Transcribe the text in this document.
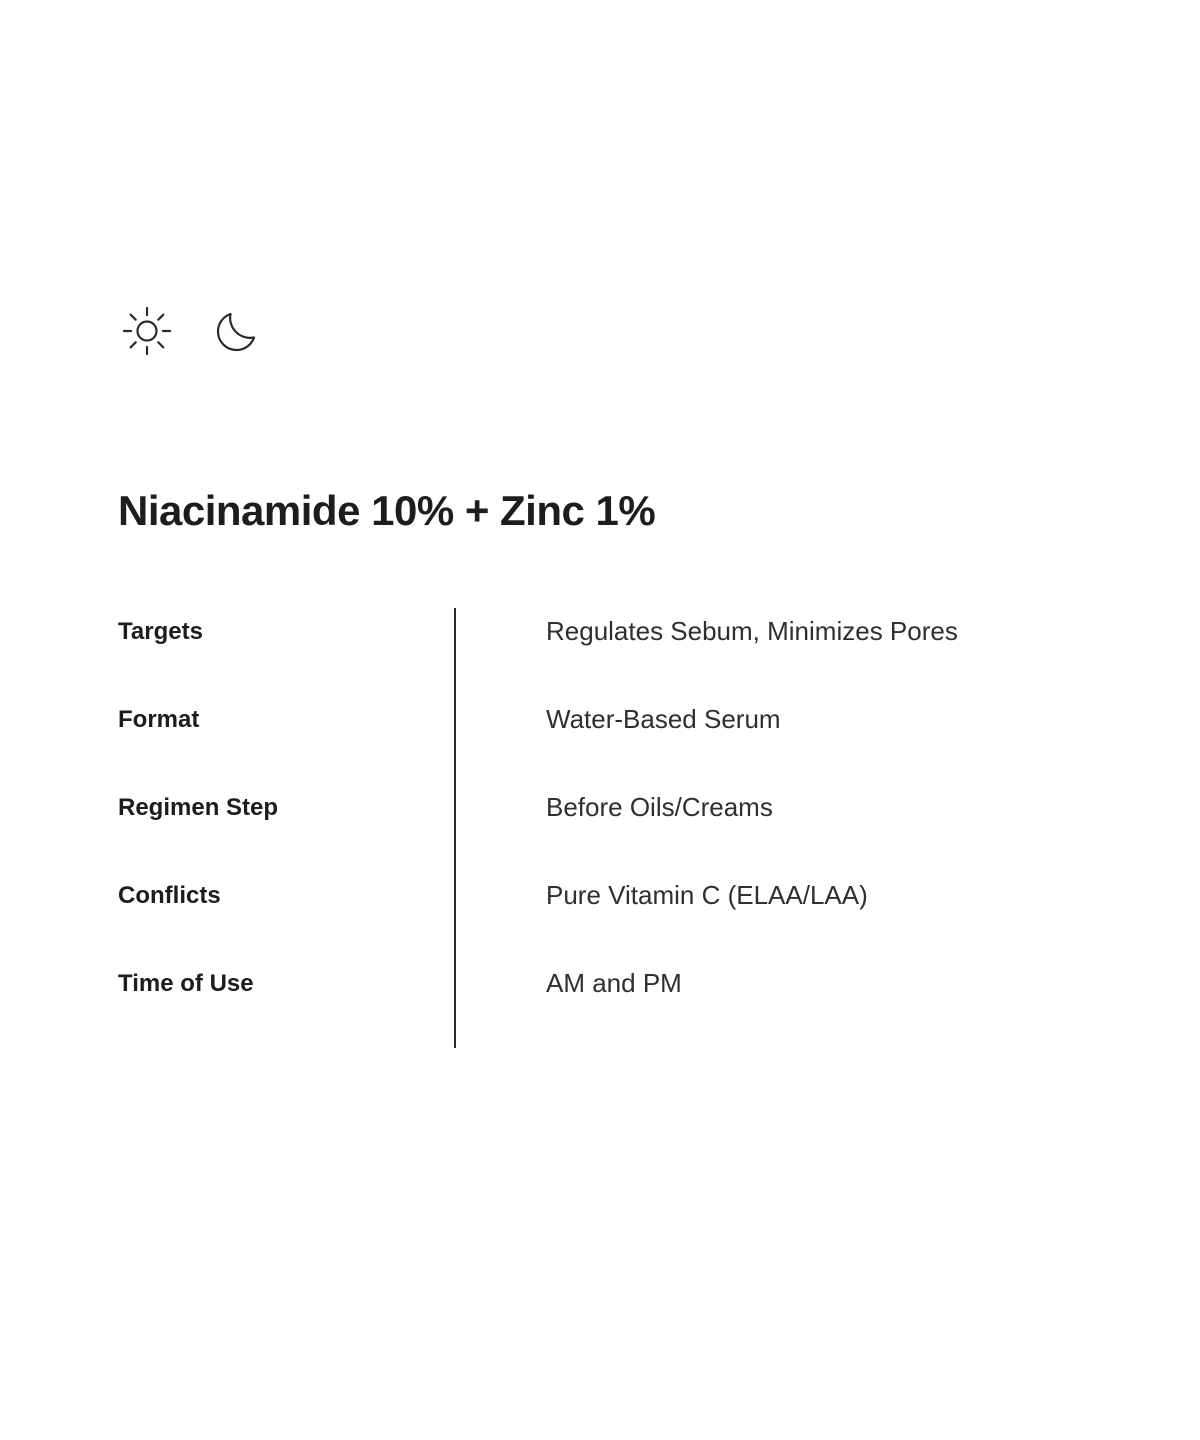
Niacinamide 10% + Zinc 1%
Targets	Regulates Sebum, Minimizes Pores
Format	Water-Based Serum
Regimen Step	Before Oils/Creams
Conflicts	Pure Vitamin C (ELAA/LAA)
Time of Use	AM and PM
